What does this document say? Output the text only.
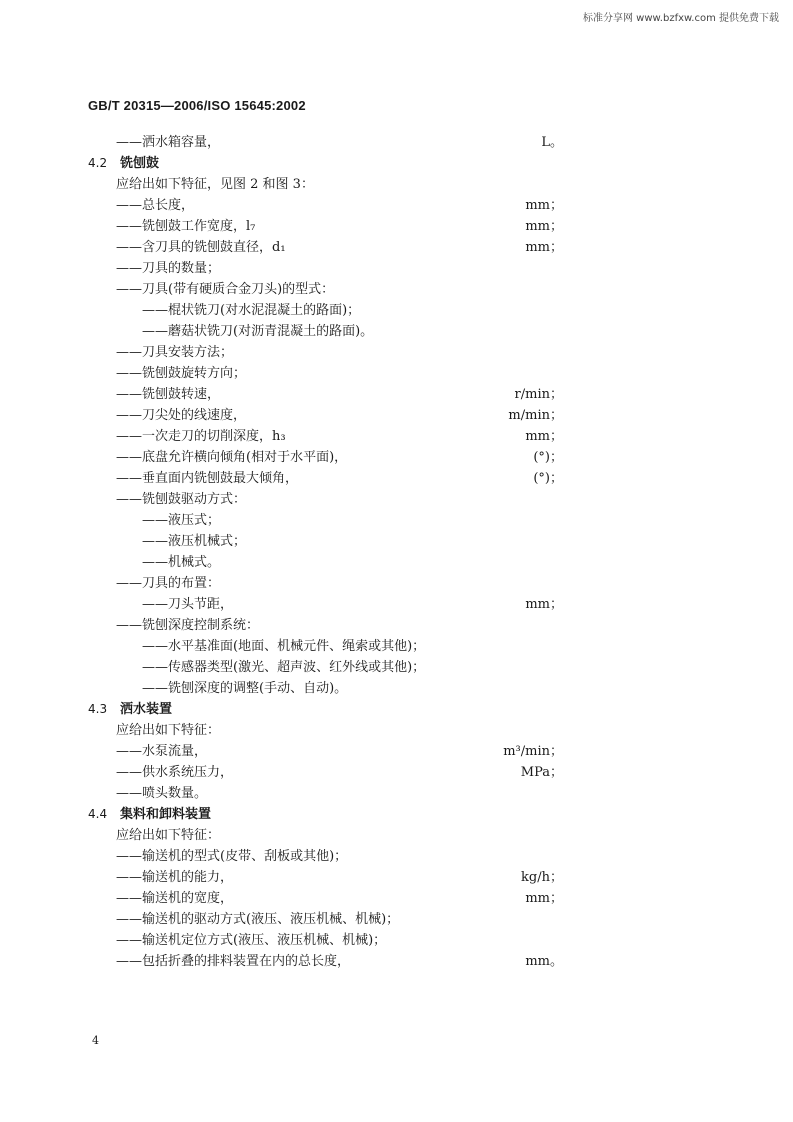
标准分享网 www.bzfxw.com 提供免费下载
GB/T 20315—2006/ISO 15645:2002
——洒水箱容量，	L。
4.2 铣刨鼓
应给出如下特征，见图 2 和图 3：
——总长度，	mm；
——铣刨鼓工作宽度，l₇	mm；
——含刀具的铣刨鼓直径，d₁	mm；
——刀具的数量；
——刀具(带有硬质合金刀头)的型式：
——棍状铣刀(对水泥混凝土的路面)；
——蘑菇状铣刀(对沥青混凝土的路面)。
——刀具安装方法；
——铣刨鼓旋转方向；
——铣刨鼓转速，	r/min；
——刀尖处的线速度，	m/min；
——一次走刀的切削深度，h₃	mm；
——底盘允许横向倾角(相对于水平面)，	(°)；
——垂直面内铣刨鼓最大倾角，	(°)；
——铣刨鼓驱动方式：
——液压式；
——液压机械式；
——机械式。
——刀具的布置：
——刀头节距，	mm；
——铣刨深度控制系统：
——水平基准面(地面、机械元件、绳索或其他)；
——传感器类型(激光、超声波、红外线或其他)；
——铣刨深度的调整(手动、自动)。
4.3 洒水装置
应给出如下特征：
——水泵流量，	m³/min；
——供水系统压力，	MPa；
——喷头数量。
4.4 集料和卸料装置
应给出如下特征：
——输送机的型式(皮带、刮板或其他)；
——输送机的能力，	kg/h；
——输送机的宽度，	mm；
——输送机的驱动方式(液压、液压机械、机械)；
——输送机定位方式(液压、液压机械、机械)；
——包括折叠的排料装置在内的总长度，	mm。
4
